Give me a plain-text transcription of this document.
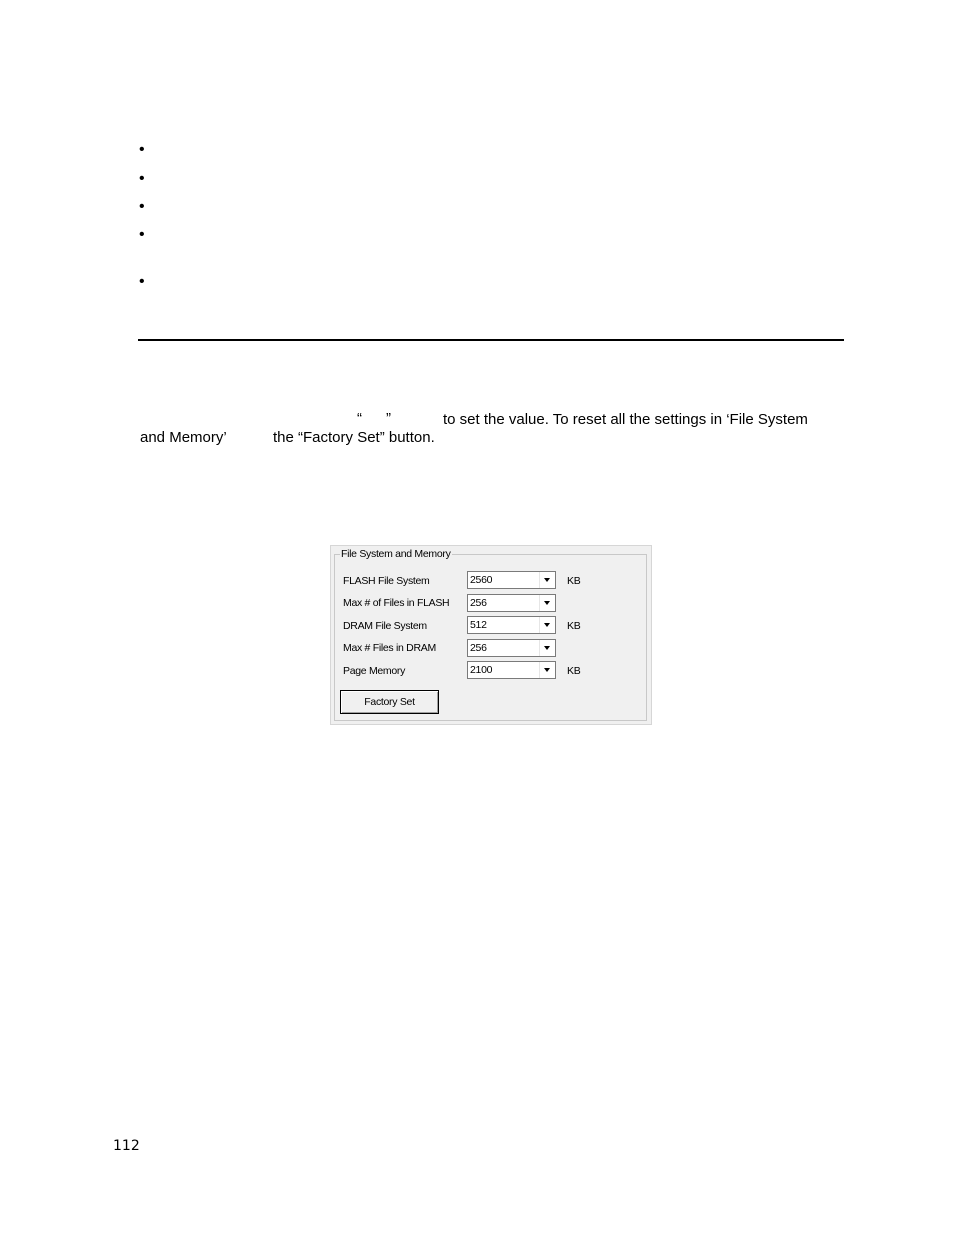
•
•
•
•
•
“ ”	to set the value. To reset all the settings in ‘File System
and Memory’	the “Factory Set” button.
File System and Memory
FLASH File System	2560	KB
Max # of Files in FLASH 256
DRAM File System	512	KB
Max # Files in DRAM	256
Page Memory	2100	KB
Factory Set
112
